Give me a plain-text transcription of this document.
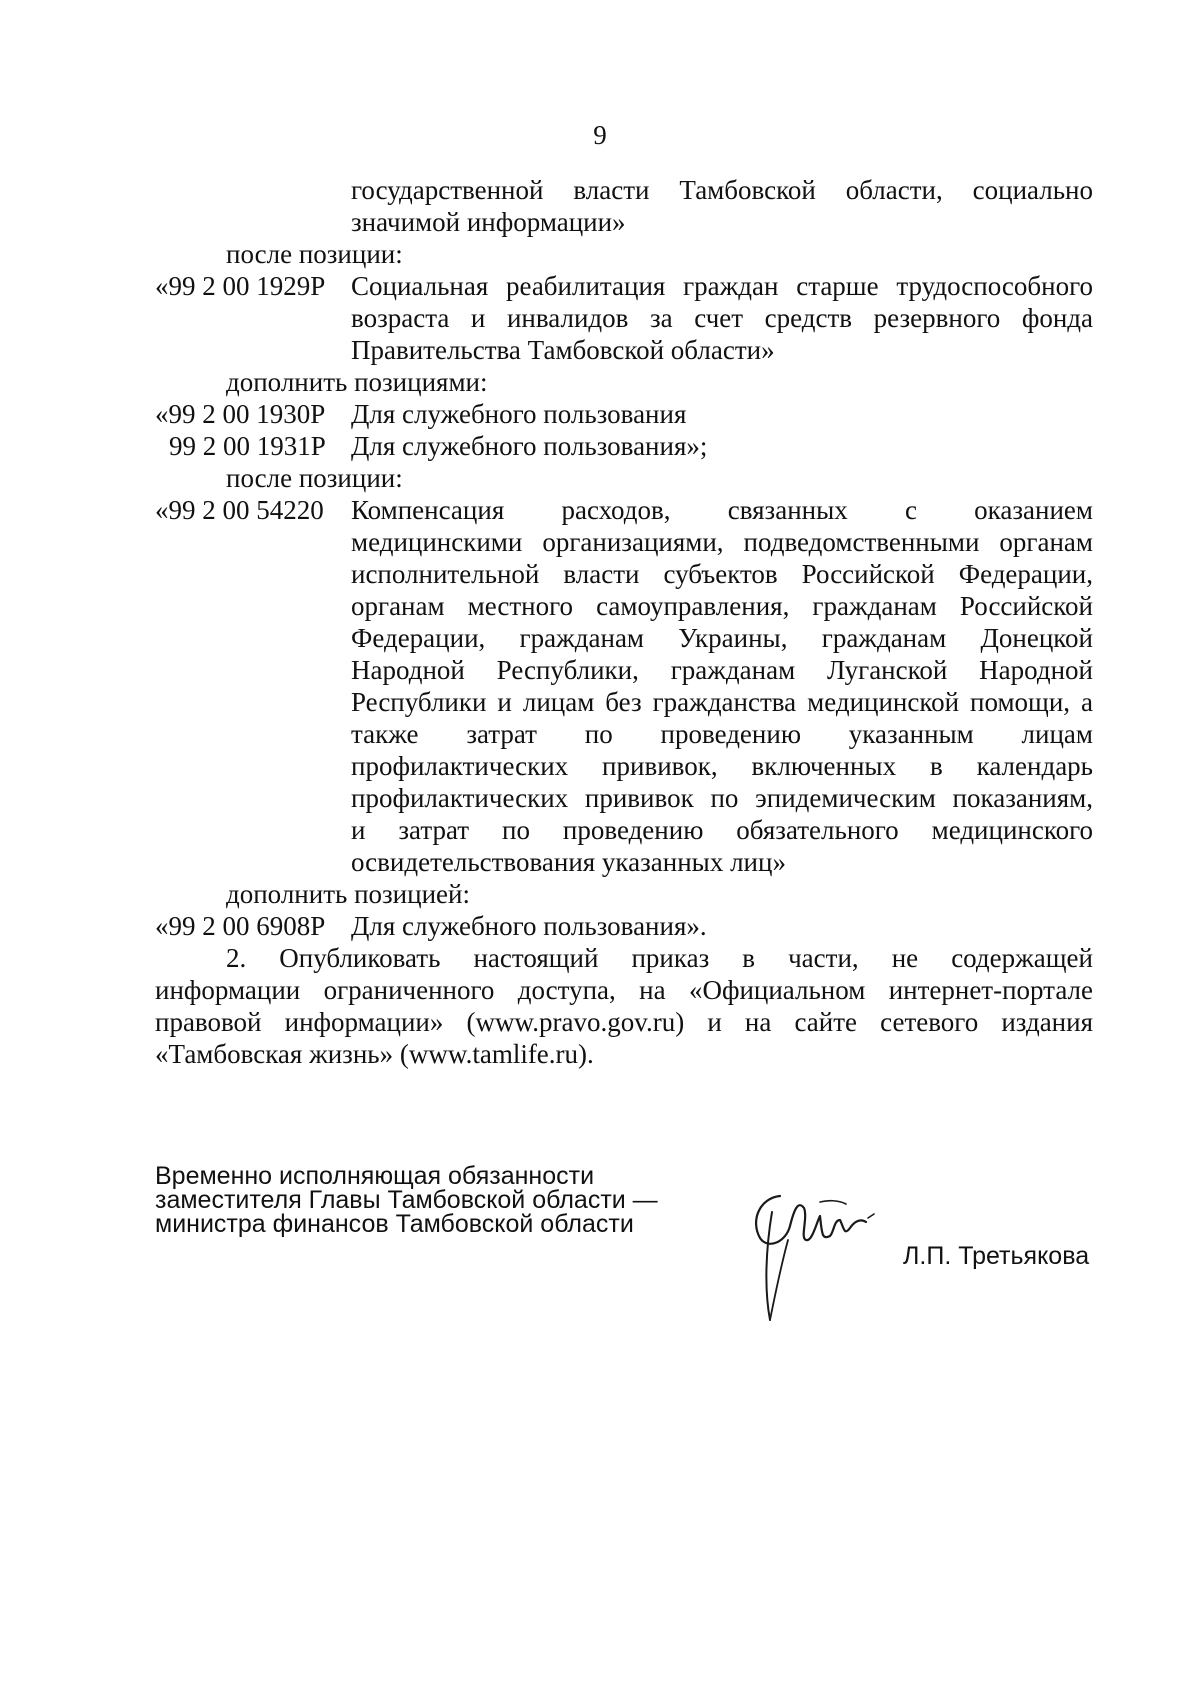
9
государственной власти Тамбовской области, социально
значимой информации»
после позиции:
«99 2 00 1929Р Социальная реабилитация граждан старше трудоспособного
возраста и инвалидов за счет средств резервного фонда
Правительства Тамбовской области»
дополнить позициями:
«99 2 00 1930Р Для служебного пользования
99 2 00 1931Р Для служебного пользования»;
после позиции:
«99 2 00 54220 Компенсация расходов, связанных с оказанием
медицинскими организациями, подведомственными органам
исполнительной власти субъектов Российской Федерации,
органам местного самоуправления, гражданам Российской
Федерации, гражданам Украины, гражданам Донецкой
Народной Республики, гражданам Луганской Народной
Республики и лицам без гражданства медицинской помощи, а
также затрат по проведению указанным лицам
профилактических прививок, включенных в календарь
профилактических прививок по эпидемическим показаниям,
и затрат по проведению обязательного медицинского
освидетельствования указанных лиц»
дополнить позицией:
«99 2 00 6908Р Для служебного пользования».
2. Опубликовать настоящий приказ в части, не содержащей
информации ограниченного доступа, на «Официальном интернет-портале
правовой информации» (www.pravo.gov.ru) и на сайте сетевого издания
«Тамбовская жизнь» (www.tamlife.ru).
Временно исполняющая обязанности
заместителя Главы Тамбовской области —
министра финансов Тамбовской области
Л.П. Третьякова
